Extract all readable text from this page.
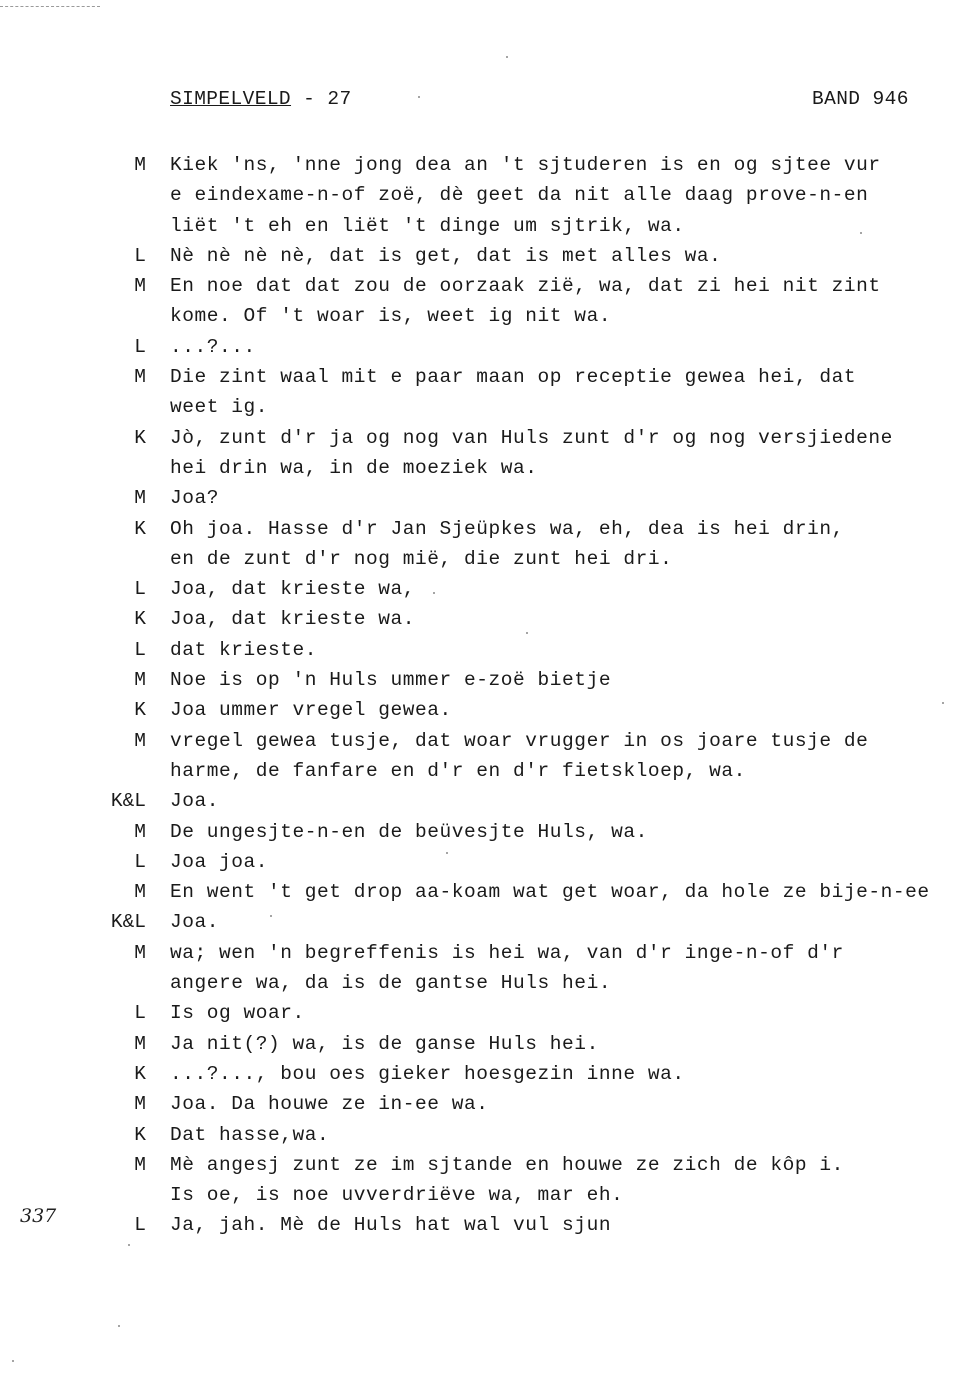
SIMPELVELD - 27	BAND 946
M Kiek 'ns, 'nne jong dea an 't sjtuderen is en og sjtee vur
e eindexame-n-of zoë, dè geet da nit alle daag prove-n-en
liët 't eh en liët 't dinge um sjtrik, wa.
L Nè nè nè nè, dat is get, dat is met alles wa.
M En noe dat dat zou de oorzaak zië, wa, dat zi hei nit zint
kome. Of 't woar is, weet ig nit wa.
L ...?...
M Die zint waal mit e paar maan op receptie gewea hei, dat
weet ig.
K Jò, zunt d'r ja og nog van Huls zunt d'r og nog versjiedene
hei drin wa, in de moeziek wa.
M Joa?
K Oh joa. Hasse d'r Jan Sjeüpkes wa, eh, dea is hei drin,
en de zunt d'r nog mië, die zunt hei dri.
L Joa, dat krieste wa,
K Joa, dat krieste wa.
L dat krieste.
M Noe is op 'n Huls ummer e-zoë bietje
K Joa ummer vregel gewea.
M vregel gewea tusje, dat woar vrugger in os joare tusje de
harme, de fanfare en d'r en d'r fietskloep, wa.
K&L Joa.
M De ungesjte-n-en de beüvesjte Huls, wa.
L Joa joa.
M En went 't get drop aa-koam wat get woar, da hole ze bije-n-ee
K&L Joa.
M wa; wen 'n begreffenis is hei wa, van d'r inge-n-of d'r
angere wa, da is de gantse Huls hei.
L Is og woar.
M Ja nit(?) wa, is de ganse Huls hei.
K ...?..., bou oes gieker hoesgezin inne wa.
M Joa. Da houwe ze in-ee wa.
K Dat hasse,wa.
M Mè angesj zunt ze im sjtande en houwe ze zich de kôp i.
Is oe, is noe uvverdriëve wa, mar eh.
L Ja, jah. Mè de Huls hat wal vul sjun
337
